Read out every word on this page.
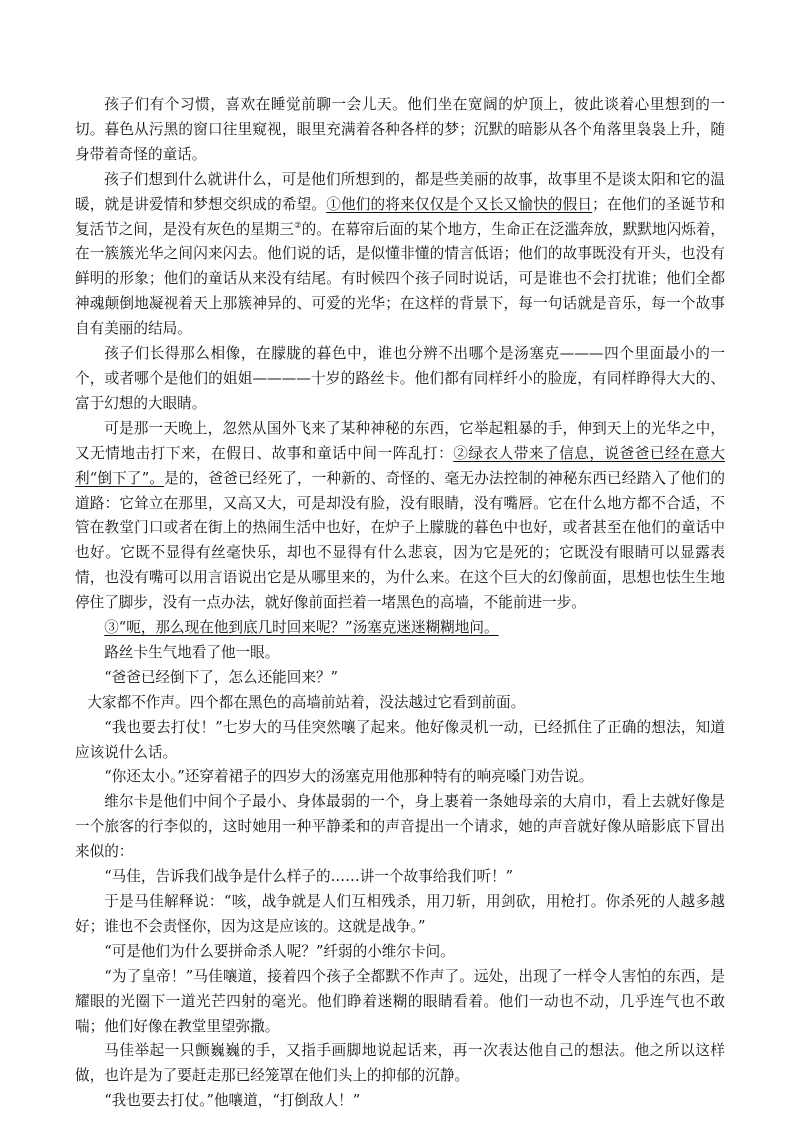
孩子们有个习惯，喜欢在睡觉前聊一会儿天。他们坐在宽阔的炉顶上，彼此谈着心里想到的一切。暮色从污黑的窗口往里窥视，眼里充满着各种各样的梦；沉默的暗影从各个角落里袅袅上升，随身带着奇怪的童话。

孩子们想到什么就讲什么，可是他们所想到的，都是些美丽的故事，故事里不是谈太阳和它的温暖，就是讲爱情和梦想交织成的希望。①他们的将来仅仅是个又长又愉快的假日；在他们的圣诞节和复活节之间，是没有灰色的星期三②的。在幕帘后面的某个地方，生命正在泛滥奔放，默默地闪烁着，在一簇簇光华之间闪来闪去。他们说的话，是似懂非懂的情言低语；他们的故事既没有开头，也没有鲜明的形象；他们的童话从来没有结尾。有时候四个孩子同时说话，可是谁也不会打扰谁；他们全都神魂颠倒地凝视着天上那簇神异的、可爱的光华；在这样的背景下，每一句话就是音乐，每一个故事自有美丽的结局。

孩子们长得那么相像，在朦胧的暮色中，谁也分辨不出哪个是汤塞克———四个里面最小的一个，或者哪个是他们的姐姐————十岁的路丝卡。他们都有同样纤小的脸庞，有同样睁得大大的、富于幻想的大眼睛。

可是那一天晚上，忽然从国外飞来了某种神秘的东西，它举起粗暴的手，伸到天上的光华之中，又无情地击打下来，在假日、故事和童话中间一阵乱打：②绿衣人带来了信息，说爸爸已经在意大利“倒下了”。是的，爸爸已经死了，一种新的、奇怪的、毫无办法控制的神秘东西已经踏入了他们的道路：它耸立在那里，又高又大，可是却没有脸，没有眼睛，没有嘴唇。它在什么地方都不合适，不管在教堂门口或者在街上的热闹生活中也好，在炉子上朦胧的暮色中也好，或者甚至在他们的童话中也好。它既不显得有丝毫快乐，却也不显得有什么悲哀，因为它是死的；它既没有眼睛可以显露表情，也没有嘴可以用言语说出它是从哪里来的，为什么来。在这个巨大的幻像前面，思想也怯生生地停住了脚步，没有一点办法，就好像前面拦着一堵黑色的高墙，不能前进一步。

③“呃，那么现在他到底几时回来呢？”汤塞克迷迷糊糊地问。

路丝卡生气地看了他一眼。

“爸爸已经倒下了，怎么还能回来？”

大家都不作声。四个都在黑色的高墙前站着，没法越过它看到前面。

“我也要去打仗！”七岁大的马佳突然嚷了起来。他好像灵机一动，已经抓住了正确的想法，知道应该说什么话。

“你还太小。”还穿着裙子的四岁大的汤塞克用他那种特有的响亮嗓门劝告说。

维尔卡是他们中间个子最小、身体最弱的一个，身上裹着一条她母亲的大肩巾，看上去就好像是一个旅客的行李似的，这时她用一种平静柔和的声音提出一个请求，她的声音就好像从暗影底下冒出来似的：

“马佳，告诉我们战争是什么样子的……讲一个故事给我们听！”

于是马佳解释说：“咳，战争就是人们互相残杀，用刀斩，用剑砍，用枪打。你杀死的人越多越好；谁也不会责怪你，因为这是应该的。这就是战争。”

“可是他们为什么要拼命杀人呢？”纤弱的小维尔卡问。

“为了皇帝！”马佳嚷道，接着四个孩子全都默不作声了。远处，出现了一样令人害怕的东西，是耀眼的光圈下一道光芒四射的毫光。他们睁着迷糊的眼睛看着。他们一动也不动，几乎连气也不敢喘；他们好像在教堂里望弥撒。

马佳举起一只颤巍巍的手，又指手画脚地说起话来，再一次表达他自己的想法。他之所以这样做，也许是为了要赶走那已经笼罩在他们头上的抑郁的沉静。

“我也要去打仗。”他嚷道，“打倒敌人！”
